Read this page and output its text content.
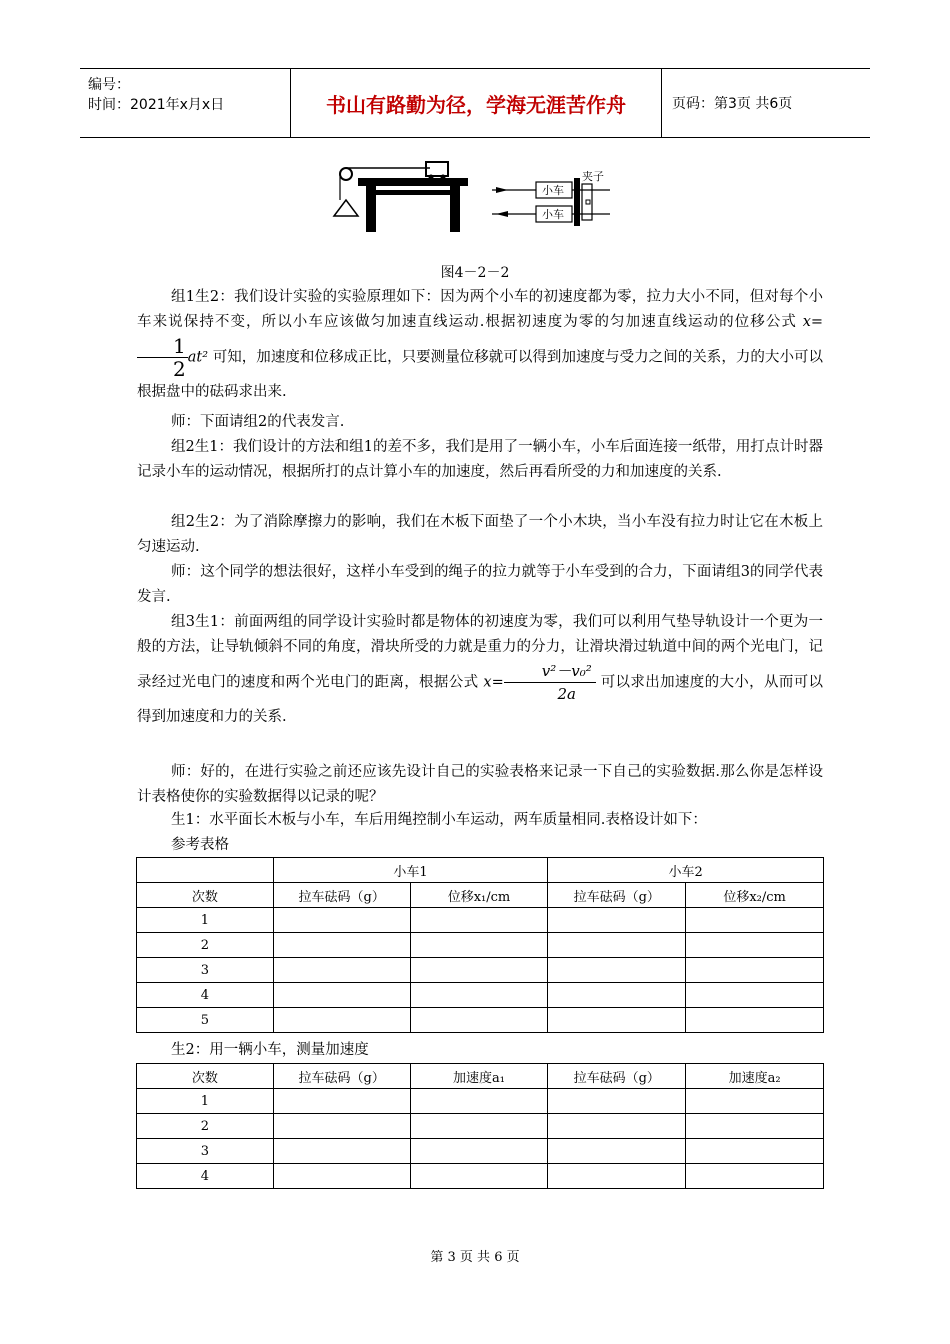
编号：
时间：2021年x月x日	书山有路勤为径，学海无涯苦作舟	页码：第3页 共6页
夹子
小车
小车
图4－2－2
组1生2：我们设计实验的实验原理如下：因为两个小车的初速度都为零，拉力大小不同，但对每个小车来说保持不变，所以小车应该做匀加速直线运动.根据初速度为零的匀加速直线运动的位移公式 x=
$\frac{1}{2} at^2$ 可知，加速度和位移成正比，只要测量位移就可以得到加速度与受力之间的关系，力的大小可以根据盘中的砝码求出来.
师：下面请组2的代表发言.
组2生1：我们设计的方法和组1的差不多，我们是用了一辆小车，小车后面连接一纸带，用打点计时器记录小车的运动情况，根据所打的点计算小车的加速度，然后再看所受的力和加速度的关系.
组2生2：为了消除摩擦力的影响，我们在木板下面垫了一个小木块，当小车没有拉力时让它在木板上匀速运动.
师：这个同学的想法很好，这样小车受到的绳子的拉力就等于小车受到的合力，下面请组3的同学代表发言.
组3生1：前面两组的同学设计实验时都是物体的初速度为零，我们可以利用气垫导轨设计一个更为一般的方法，让导轨倾斜不同的角度，滑块所受的力就是重力的分力，让滑块滑过轨道中间的两个光电门，记录经过光电门的速度和两个光电门的距离，根据公式 $x= \frac{\text{v²－v₀²}}{2a}$ 可以求出加速度的大小，从而可以得到加速度和力的关系.
师：好的，在进行实验之前还应该先设计自己的实验表格来记录一下自己的实验数据.那么你是怎样设计表格使你的实验数据得以记录的呢？
生1：水平面长木板与小车，车后用绳控制小车运动，两车质量相同.表格设计如下：
参考表格
	小车1		小车2	
次数	拉车砝码（g）	位移x₁/cm	拉车砝码（g）	位移x₂/cm
1				
2				
3				
4				
5				
生2：用一辆小车，测量加速度
次数	拉车砝码（g）	加速度a₁	拉车砝码（g）	加速度a₂
1				
2				
3				
4				
第 3 页 共 6 页
